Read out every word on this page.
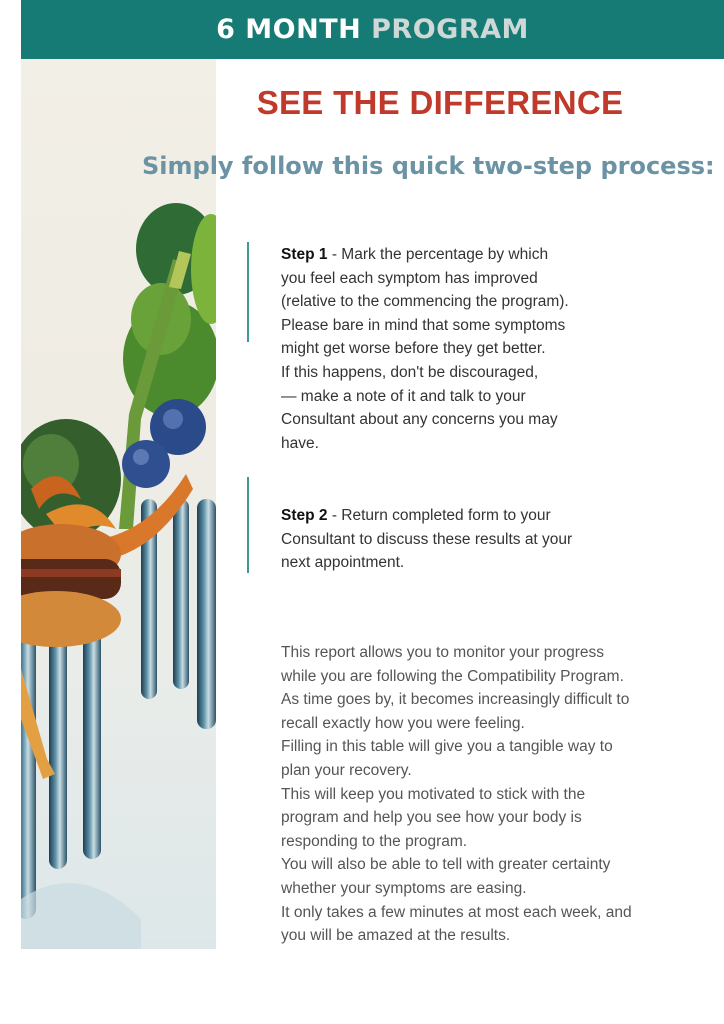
6 MONTH PROGRAM
SEE THE DIFFERENCE
Simply follow this quick two-step process:
Step 1 - Mark the percentage by which
you feel each symptom has improved
(relative to the commencing the program).
Please bare in mind that some symptoms
might get worse before they get better.
If this happens, don't be discouraged,
— make a note of it and talk to your
Consultant about any concerns you may
have.
Step 2 - Return completed form to your
Consultant to discuss these results at your
next appointment.
This report allows you to monitor your progress
while you are following the Compatibility Program.
As time goes by, it becomes increasingly difficult to
recall exactly how you were feeling.
Filling in this table will give you a tangible way to
plan your recovery.
This will keep you motivated to stick with the
program and help you see how your body is
responding to the program.
You will also be able to tell with greater certainty
whether your symptoms are easing.
It only takes a few minutes at most each week, and
you will be amazed at the results.
